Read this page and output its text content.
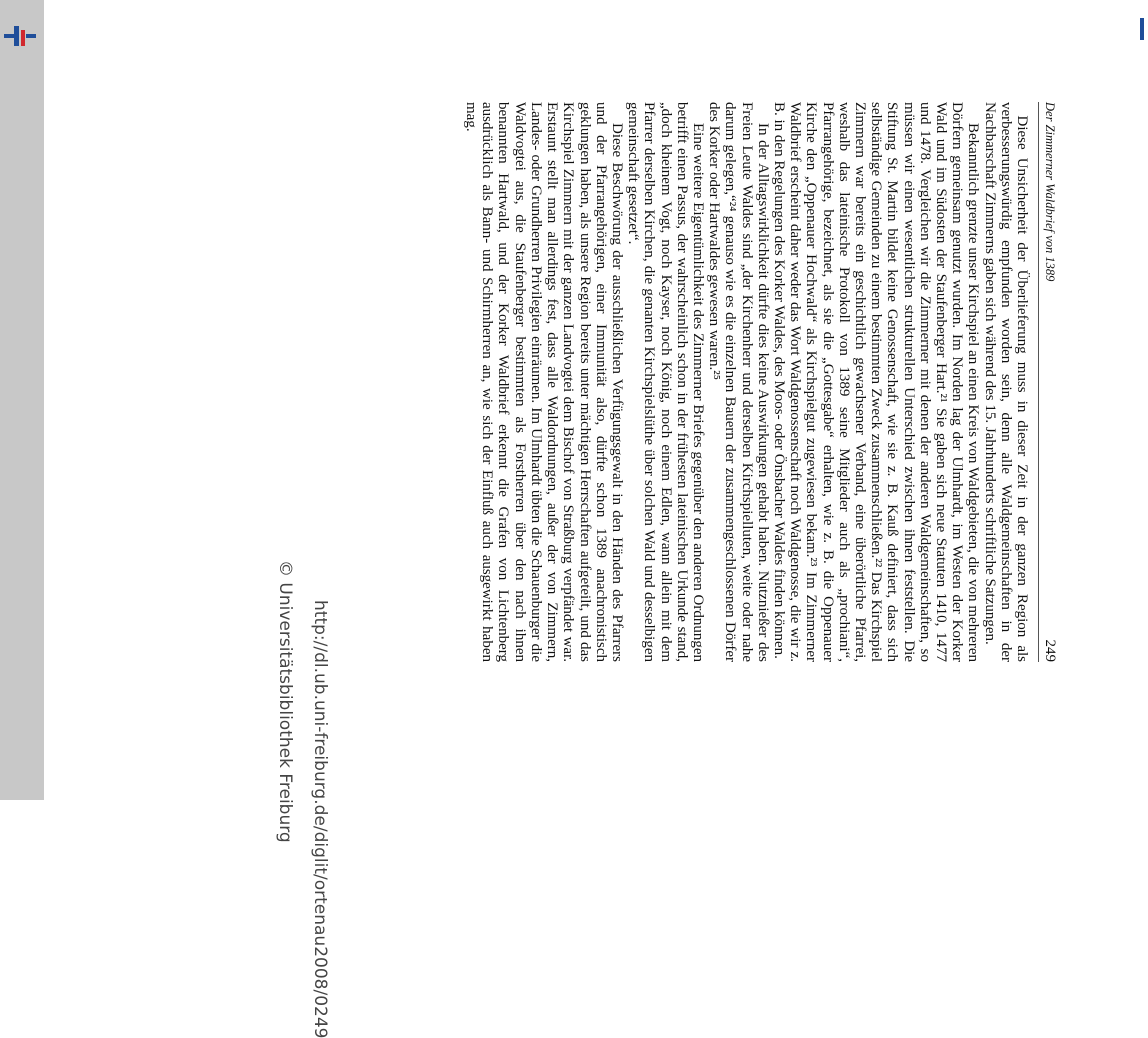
http://dl.ub.uni-freiburg.de/diglit/ortenau2008/0249
© Universitätsbibliothek Freiburg
Der Zimmerner Waldbrief von 1389
249

Diese Unsicherheit der Überlieferung muss in dieser Zeit in der ganzen Region als verbesserungswürdig empfunden worden sein, denn alle Waldgemeinschaften in der Nachbarschaft Zimmerns gaben sich während des 15. Jahrhunderts schriftliche Satzungen.

Bekanntlich grenzte unser Kirchspiel an einen Kreis von Waldgebieten, die von mehreren Dörfern gemeinsam genutzt wurden. Im Norden lag der Ulmhardt, im Westen der Korker Wald und im Südosten der Staufenberger Hart.²¹ Sie gaben sich neue Statuten 1410, 1477 und 1478. Vergleichen wir die Zimmerner mit denen der anderen Waldgemeinschaften, so müssen wir einen wesentlichen strukturellen Unterschied zwischen ihnen feststellen. Die Stiftung St. Martin bildet keine Genossenschaft, wie sie z. B. Kauß definiert, dass sich selbständige Gemeinden zu einem bestimmten Zweck zusammenschließen.²² Das Kirchspiel Zimmern war bereits ein geschichtlich gewachsener Verband, eine überörtliche Pfarrei, weshalb das lateinische Protokoll von 1389 seine Mitglieder auch als „prochiani“, Pfarrangehörige, bezeichnet, als sie die „Gottesgabe“ erhalten, wie z. B. die Oppenauer Kirche den „Oppenauer Hochwald“ als Kirchspielgut zugewiesen bekam.²³ Im Zimmerner Waldbrief erscheint daher weder das Wort Waldgenossenschaft noch Waldgenosse, die wir z. B. in den Regelungen des Korker Waldes, des Moos- oder Önsbacher Waldes finden können.

In der Alltagswirklichkeit dürfte dies keine Auswirkungen gehabt haben. Nutznießer des Freien Leute Waldes sind „der Kirchenherr und derselben Kirchspielluten, weite oder nahe darum gelegen,“²⁴ genauso wie es die einzelnen Bauern der zusammengeschlossenen Dörfer des Korker oder Hartwaldes gewesen waren.²⁵

Eine weitere Eigentümlichkeit des Zimmerner Briefes gegenüber den anderen Ordnungen betrifft einen Passus, der wahrscheinlich schon in der frühesten lateinischen Urkunde stand, „doch kheinem Vogt, noch Kayser, noch König, noch einem Edlen, wann allein mit dem Pfarrer derselben Kirchen, die genanten Kirchspielslüthe über solchen Wald und desselbigen gemeinschaft gesetzet“.

Diese Beschwörung der ausschließlichen Verfügungsgewalt in den Händen des Pfarrers und der Pfarrangehörigen, einer Immunität also, dürfte schon 1389 anachronistisch geklungen haben, als unsere Region bereits unter mächtigen Herrschaften aufgeteilt, und das Kirchspiel Zimmern mit der ganzen Landvogtei dem Bischof von Straßburg verpfändet war. Erstaunt stellt man allerdings fest, dass alle Waldordnungen, außer der von Zimmern, Landes- oder Grundherren Privilegien einräumen. Im Ulmhardt übten die Schauenburger die Waldvogtei aus, die Staufenberger bestimmten als Forstherren über den nach ihnen benannten Hartwald, und der Korker Waldbrief erkennt die Grafen von Lichtenberg ausdrücklich als Bann- und Schirmherren an, wie sich der Einfluß auch ausgewirkt haben mag.
